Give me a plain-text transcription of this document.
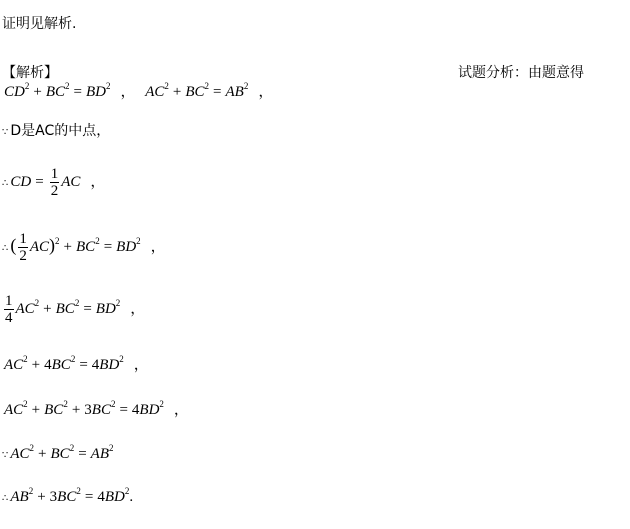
证明见解析.
【解析】	试题分析：由题意得
$CD^2 + BC^2 = BD^2$ ， $AC^2 + BC^2 = AB^2$ ，
∵ D是AC的中点，
∴ CD = $\frac{1}{2}$ AC ，
∴ ( $\frac{1}{2} AC)^2 + BC^2 = BD^2$ ，
$\frac{1}{4} AC^2 + BC^2 = BD^2$ ，
$AC^2 + 4BC^2 = 4BD^2$ ，
$AC^2 + BC^2 + 3BC^2 = 4BD^2$ ，
∵ $AC^2 + BC^2 = AB^2$
∴ $AB^2 + 3BC^2 = 4BD^2$.
